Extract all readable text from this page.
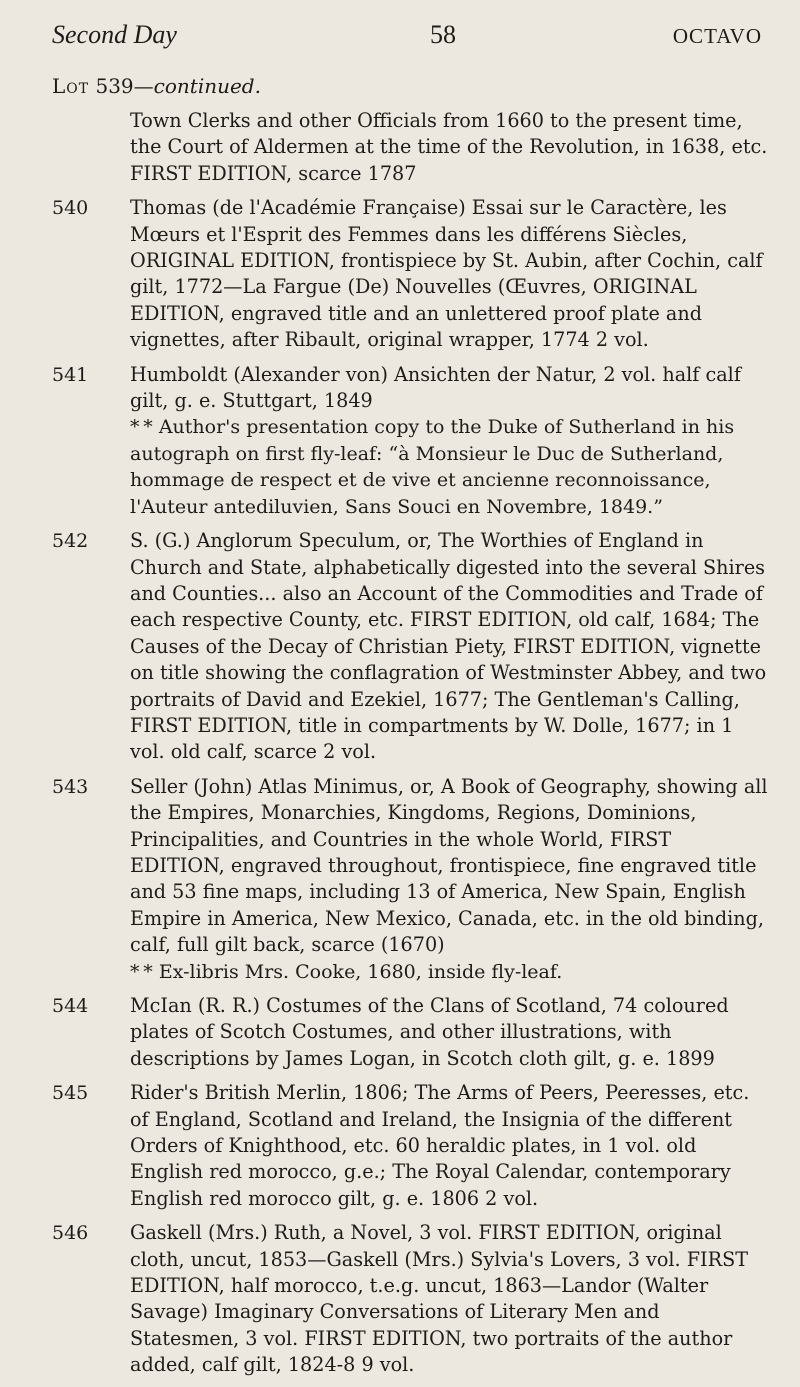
Second Day	58	OCTAVO
Lot 539—continued.
Town Clerks and other Officials from 1660 to the present time, the Court of Aldermen at the time of the Revolution, in 1638, etc. FIRST EDITION, scarce 1787
540 Thomas (de l'Académie Française) Essai sur le Caractère, les Mœurs et l'Esprit des Femmes dans les différens Siècles, ORIGINAL EDITION, frontispiece by St. Aubin, after Cochin, calf gilt, 1772—La Fargue (De) Nouvelles (Œuvres, ORIGINAL EDITION, engraved title and an unlettered proof plate and vignettes, after Ribault, original wrapper, 1774 2 vol.
541 Humboldt (Alexander von) Ansichten der Natur, 2 vol. half calf gilt, g. e. Stuttgart, 1849
* * Author's presentation copy to the Duke of Sutherland in his autograph on first fly-leaf: “à Monsieur le Duc de Sutherland, hommage de respect et de vive et ancienne reconnoissance, l'Auteur antediluvien, Sans Souci en Novembre, 1849.”
542 S. (G.) Anglorum Speculum, or, The Worthies of England in Church and State, alphabetically digested into the several Shires and Counties... also an Account of the Commodities and Trade of each respective County, etc. FIRST EDITION, old calf, 1684; The Causes of the Decay of Christian Piety, FIRST EDITION, vignette on title showing the conflagration of Westminster Abbey, and two portraits of David and Ezekiel, 1677; The Gentleman's Calling, FIRST EDITION, title in compartments by W. Dolle, 1677; in 1 vol. old calf, scarce 2 vol.
543 Seller (John) Atlas Minimus, or, A Book of Geography, showing all the Empires, Monarchies, Kingdoms, Regions, Dominions, Principalities, and Countries in the whole World, FIRST EDITION, engraved throughout, frontispiece, fine engraved title and 53 fine maps, including 13 of America, New Spain, English Empire in America, New Mexico, Canada, etc. in the old binding, calf, full gilt back, scarce (1670)
* * Ex-libris Mrs. Cooke, 1680, inside fly-leaf.
544 McIan (R. R.) Costumes of the Clans of Scotland, 74 coloured plates of Scotch Costumes, and other illustrations, with descriptions by James Logan, in Scotch cloth gilt, g. e. 1899
545 Rider's British Merlin, 1806; The Arms of Peers, Peeresses, etc. of England, Scotland and Ireland, the Insignia of the different Orders of Knighthood, etc. 60 heraldic plates, in 1 vol. old English red morocco, g.e.; The Royal Calendar, contemporary English red morocco gilt, g. e. 1806 2 vol.
546 Gaskell (Mrs.) Ruth, a Novel, 3 vol. FIRST EDITION, original cloth, uncut, 1853—Gaskell (Mrs.) Sylvia's Lovers, 3 vol. FIRST EDITION, half morocco, t.e.g. uncut, 1863—Landor (Walter Savage) Imaginary Conversations of Literary Men and Statesmen, 3 vol. FIRST EDITION, two portraits of the author added, calf gilt, 1824-8 9 vol.
